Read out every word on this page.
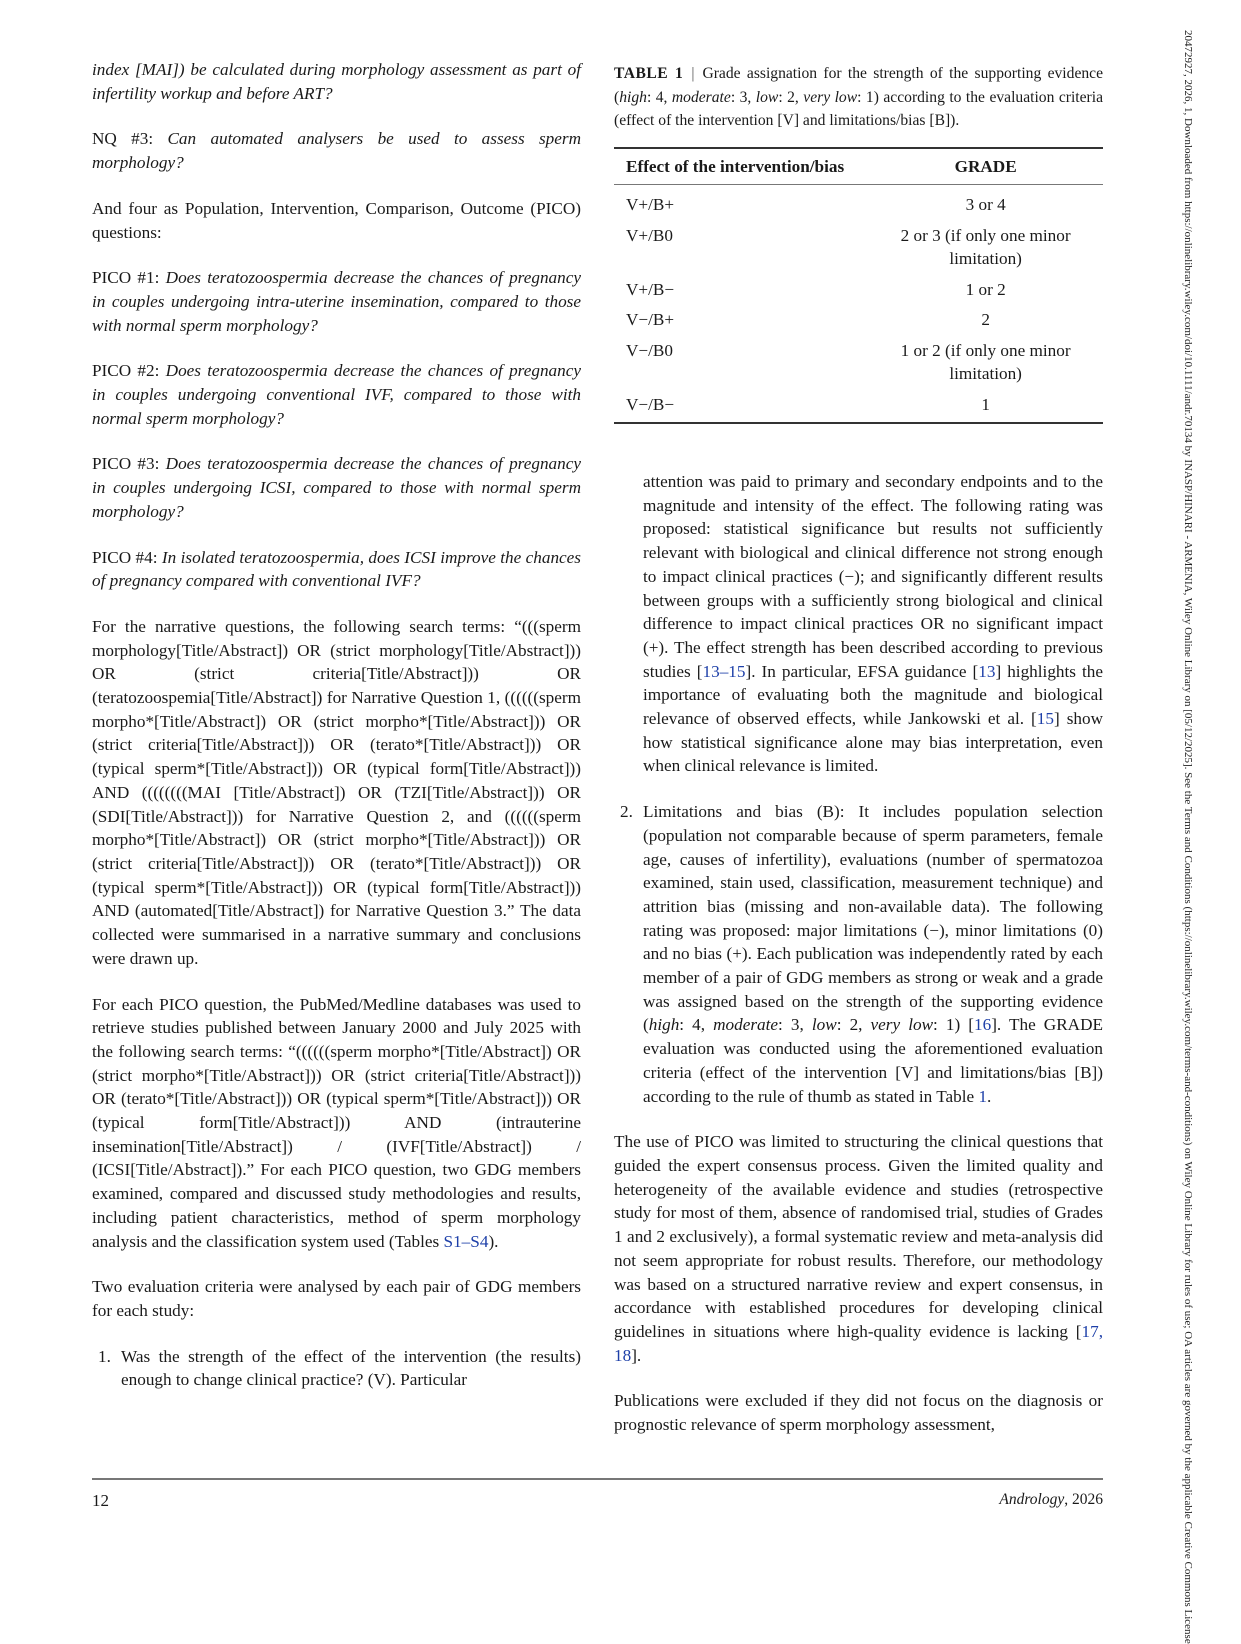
index [MAI]) be calculated during morphology assessment as part of infertility workup and before ART?

NQ #3: Can automated analysers be used to assess sperm morphology?

And four as Population, Intervention, Comparison, Outcome (PICO) questions:

PICO #1: Does teratozoospermia decrease the chances of pregnancy in couples undergoing intra-uterine insemination, compared to those with normal sperm morphology?

PICO #2: Does teratozoospermia decrease the chances of pregnancy in couples undergoing conventional IVF, compared to those with normal sperm morphology?

PICO #3: Does teratozoospermia decrease the chances of pregnancy in couples undergoing ICSI, compared to those with normal sperm morphology?

PICO #4: In isolated teratozoospermia, does ICSI improve the chances of pregnancy compared with conventional IVF?

For the narrative questions, the following search terms: “(((sperm morphology[Title/Abstract]) OR (strict morphology[Title/Abstract])) OR (strict criteria[Title/Abstract])) OR (teratozoospemia[Title/Abstract]) for Narrative Question 1, ((((((sperm morpho*[Title/Abstract]) OR (strict morpho*[Title/Abstract])) OR (strict criteria[Title/Abstract])) OR (terato*[Title/Abstract])) OR (typical sperm*[Title/Abstract])) OR (typical form[Title/Abstract])) AND ((((((((MAI [Title/Abstract]) OR (TZI[Title/Abstract])) OR (SDI[Title/Abstract])) for Narrative Question 2, and ((((((sperm morpho*[Title/Abstract]) OR (strict morpho*[Title/Abstract])) OR (strict criteria[Title/Abstract])) OR (terato*[Title/Abstract])) OR (typical sperm*[Title/Abstract])) OR (typical form[Title/Abstract])) AND (automated[Title/Abstract]) for Narrative Question 3.” The data collected were summarised in a narrative summary and conclusions were drawn up.

For each PICO question, the PubMed/Medline databases was used to retrieve studies published between January 2000 and July 2025 with the following search terms: “((((((sperm morpho*[Title/Abstract]) OR (strict morpho*[Title/Abstract])) OR (strict criteria[Title/Abstract])) OR (terato*[Title/Abstract])) OR (typical sperm*[Title/Abstract])) OR (typical form[Title/Abstract])) AND (intrauterine insemination[Title/Abstract]) / (IVF[Title/Abstract]) / (ICSI[Title/Abstract]).” For each PICO question, two GDG members examined, compared and discussed study methodologies and results, including patient characteristics, method of sperm morphology analysis and the classification system used (Tables S1–S4).

Two evaluation criteria were analysed by each pair of GDG members for each study:

1. Was the strength of the effect of the intervention (the results) enough to change clinical practice? (V). Particular
TABLE 1 | Grade assignation for the strength of the supporting evidence (high: 4, moderate: 3, low: 2, very low: 1) according to the evaluation criteria (effect of the intervention [V] and limitations/bias [B]).
Effect of the intervention/bias	GRADE
V+/B+	3 or 4
V+/B0	2 or 3 (if only one minor limitation)
V+/B−	1 or 2
V−/B+	2
V−/B0	1 or 2 (if only one minor limitation)
V−/B−	1
attention was paid to primary and secondary endpoints and to the magnitude and intensity of the effect. The following rating was proposed: statistical significance but results not sufficiently relevant with biological and clinical difference not strong enough to impact clinical practices (−); and significantly different results between groups with a sufficiently strong biological and clinical difference to impact clinical practices OR no significant impact (+). The effect strength has been described according to previous studies [13–15]. In particular, EFSA guidance [13] highlights the importance of evaluating both the magnitude and biological relevance of observed effects, while Jankowski et al. [15] show how statistical significance alone may bias interpretation, even when clinical relevance is limited.
2. Limitations and bias (B): It includes population selection (population not comparable because of sperm parameters, female age, causes of infertility), evaluations (number of spermatozoa examined, stain used, classification, measurement technique) and attrition bias (missing and non-available data). The following rating was proposed: major limitations (−), minor limitations (0) and no bias (+). Each publication was independently rated by each member of a pair of GDG members as strong or weak and a grade was assigned based on the strength of the supporting evidence (high: 4, moderate: 3, low: 2, very low: 1) [16]. The GRADE evaluation was conducted using the aforementioned evaluation criteria (effect of the intervention [V] and limitations/bias [B]) according to the rule of thumb as stated in Table 1.

The use of PICO was limited to structuring the clinical questions that guided the expert consensus process. Given the limited quality and heterogeneity of the available evidence and studies (retrospective study for most of them, absence of randomised trial, studies of Grades 1 and 2 exclusively), a formal systematic review and meta-analysis did not seem appropriate for robust results. Therefore, our methodology was based on a structured narrative review and expert consensus, in accordance with established procedures for developing clinical guidelines in situations where high-quality evidence is lacking [17, 18].

Publications were excluded if they did not focus on the diagnosis or prognostic relevance of sperm morphology assessment,

12	Andrology, 2026	20472927, 2026, 1, Downloaded from https://onlinelibrary.wiley.com/doi/10.1111/andr.70134 by INASP/HINARI - ARMENIA, Wiley Online Library on [05/12/2025]. See the Terms and Conditions (https://onlinelibrary.wiley.com/terms-and-conditions) on Wiley Online Library for rules of use; OA articles are governed by the applicable Creative Commons License
